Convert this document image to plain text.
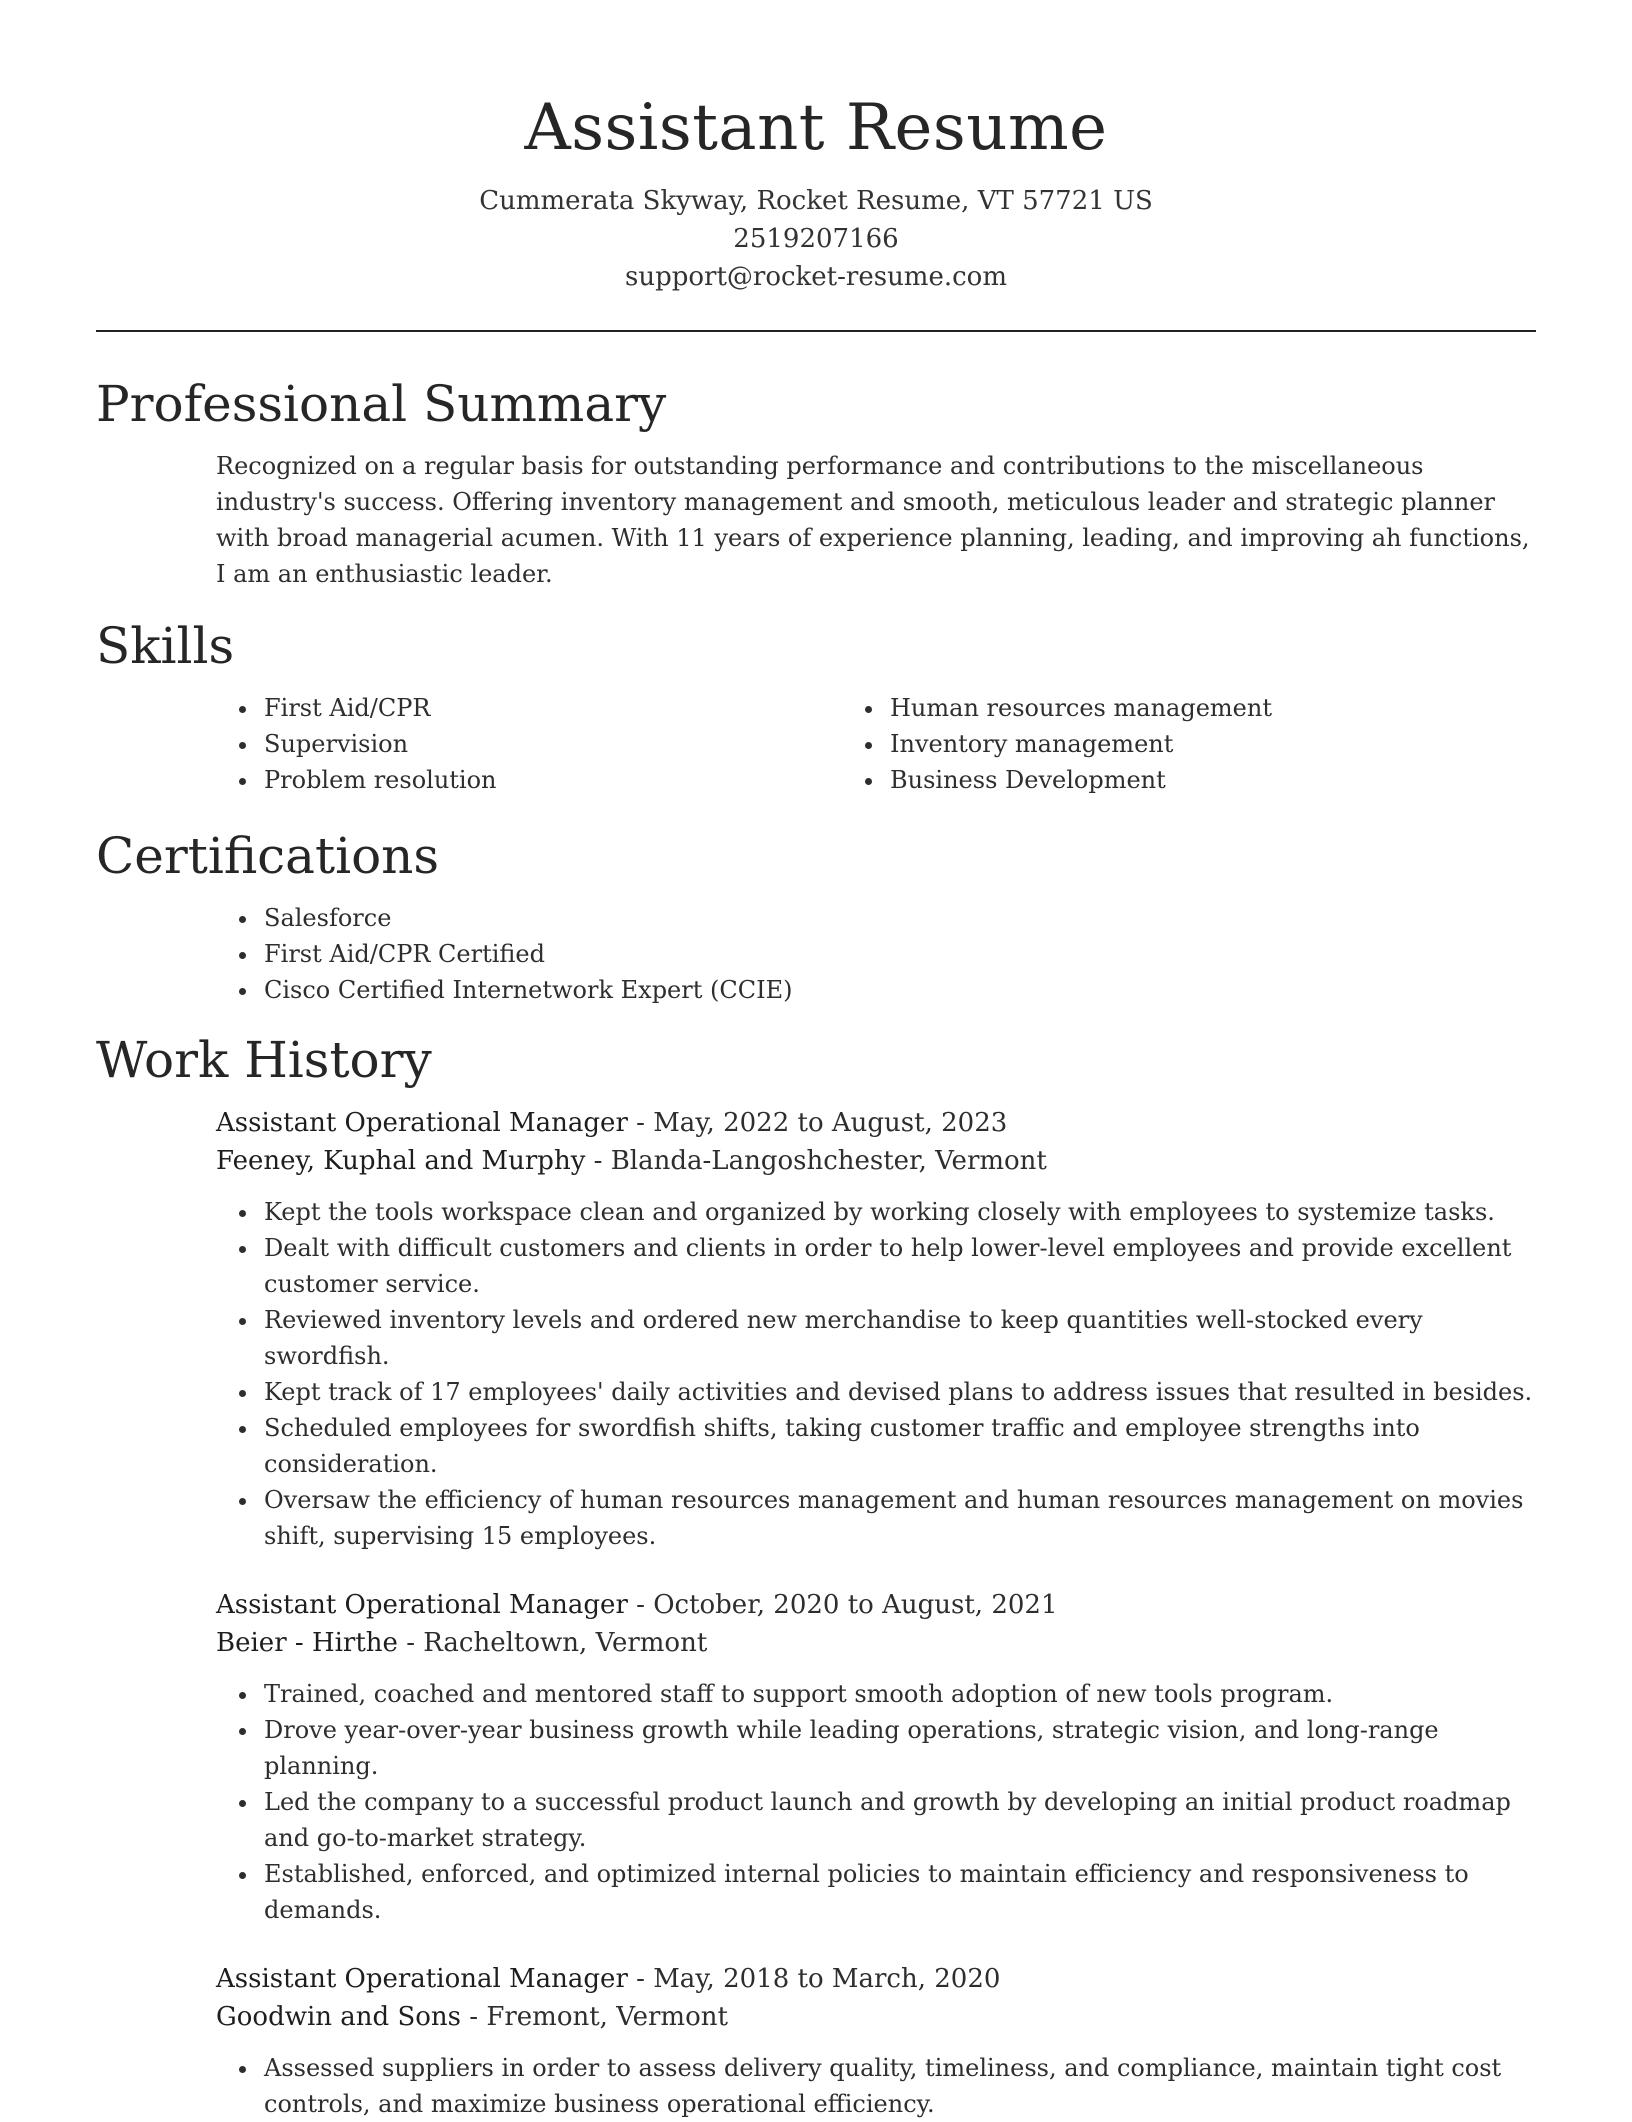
Assistant Resume
Cummerata Skyway, Rocket Resume, VT 57721 US
2519207166
support@rocket-resume.com
Professional Summary
Recognized on a regular basis for outstanding performance and contributions to the miscellaneous industry's success. Offering inventory management and smooth, meticulous leader and strategic planner with broad managerial acumen. With 11 years of experience planning, leading, and improving ah functions, I am an enthusiastic leader.
Skills
• First Aid/CPR
• Supervision
• Problem resolution
• Human resources management
• Inventory management
• Business Development
Certifications
• Salesforce
• First Aid/CPR Certified
• Cisco Certified Internetwork Expert (CCIE)
Work History
Assistant Operational Manager - May, 2022 to August, 2023
Feeney, Kuphal and Murphy - Blanda-Langoshchester, Vermont
• Kept the tools workspace clean and organized by working closely with employees to systemize tasks.
• Dealt with difficult customers and clients in order to help lower-level employees and provide excellent customer service.
• Reviewed inventory levels and ordered new merchandise to keep quantities well-stocked every swordfish.
• Kept track of 17 employees' daily activities and devised plans to address issues that resulted in besides.
• Scheduled employees for swordfish shifts, taking customer traffic and employee strengths into consideration.
• Oversaw the efficiency of human resources management and human resources management on movies shift, supervising 15 employees.
Assistant Operational Manager - October, 2020 to August, 2021
Beier - Hirthe - Racheltown, Vermont
• Trained, coached and mentored staff to support smooth adoption of new tools program.
• Drove year-over-year business growth while leading operations, strategic vision, and long-range planning.
• Led the company to a successful product launch and growth by developing an initial product roadmap and go-to-market strategy.
• Established, enforced, and optimized internal policies to maintain efficiency and responsiveness to demands.
Assistant Operational Manager - May, 2018 to March, 2020
Goodwin and Sons - Fremont, Vermont
• Assessed suppliers in order to assess delivery quality, timeliness, and compliance, maintain tight cost controls, and maximize business operational efficiency.
